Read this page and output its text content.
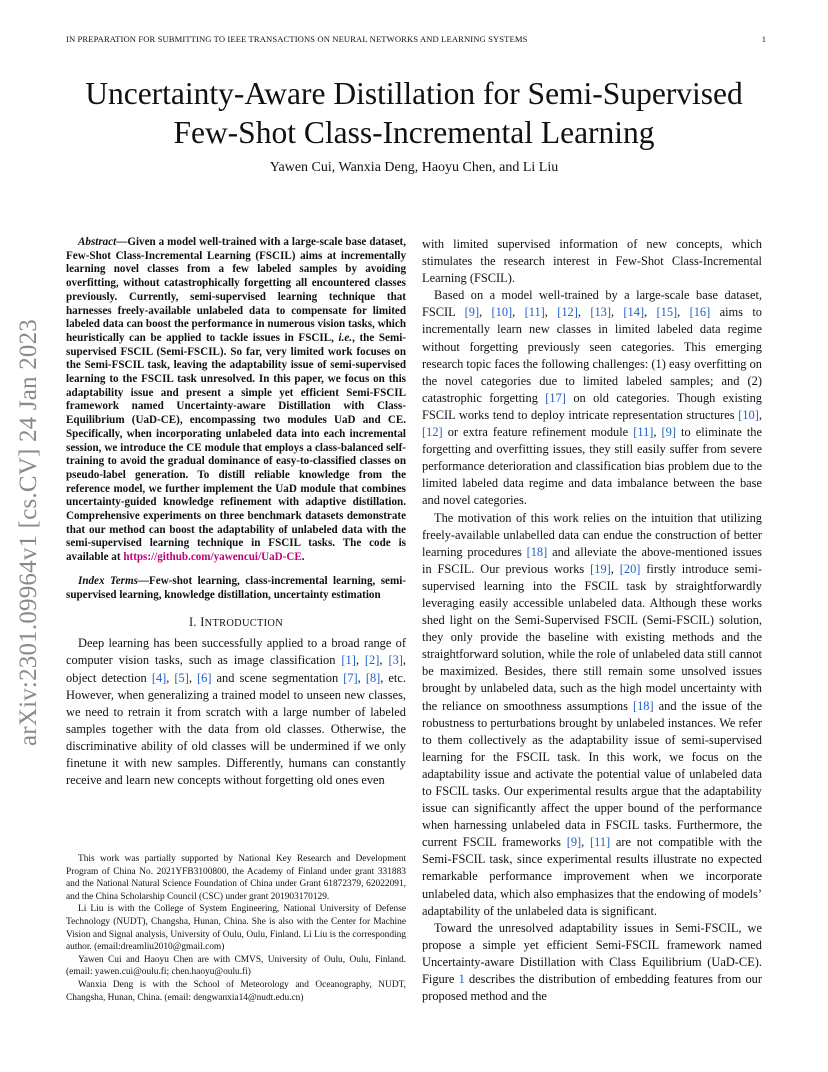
IN PREPARATION FOR SUBMITTING TO IEEE TRANSACTIONS ON NEURAL NETWORKS AND LEARNING SYSTEMS	1
Uncertainty-Aware Distillation for Semi-Supervised
Few-Shot Class-Incremental Learning
Yawen Cui, Wanxia Deng, Haoyu Chen, and Li Liu
arXiv:2301.09964v1 [cs.CV] 24 Jan 2023

Abstract—Given a model well-trained with a large-scale base dataset, Few-Shot Class-Incremental Learning (FSCIL) aims at incrementally learning novel classes from a few labeled samples by avoiding overfitting, without catastrophically forgetting all encountered classes previously. Currently, semi-supervised learning technique that harnesses freely-available unlabeled data to compensate for limited labeled data can boost the performance in numerous vision tasks, which heuristically can be applied to tackle issues in FSCIL, i.e., the Semi-supervised FSCIL (Semi-FSCIL). So far, very limited work focuses on the Semi-FSCIL task, leaving the adaptability issue of semi-supervised learning to the FSCIL task unresolved. In this paper, we focus on this adaptability issue and present a simple yet efficient Semi-FSCIL framework named Uncertainty-aware Distillation with Class-Equilibrium (UaD-CE), encompassing two modules UaD and CE. Specifically, when incorporating unlabeled data into each incremental session, we introduce the CE module that employs a class-balanced self-training to avoid the gradual dominance of easy-to-classified classes on pseudo-label generation. To distill reliable knowledge from the reference model, we further implement the UaD module that combines uncertainty-guided knowledge refinement with adaptive distillation. Comprehensive experiments on three benchmark datasets demonstrate that our method can boost the adaptability of unlabeled data with the semi-supervised learning technique in FSCIL tasks. The code is available at https://github.com/yawencui/UaD-CE.

Index Terms—Few-shot learning, class-incremental learning, semi-supervised learning, knowledge distillation, uncertainty estimation

I. INTRODUCTION

Deep learning has been successfully applied to a broad range of computer vision tasks, such as image classification [1], [2], [3], object detection [4], [5], [6] and scene segmentation [7], [8], etc. However, when generalizing a trained model to unseen new classes, we need to retrain it from scratch with a large number of labeled samples together with the data from old classes. Otherwise, the discriminative ability of old classes will be undermined if we only finetune it with new samples. Differently, humans can constantly receive and learn new concepts without forgetting old ones even

This work was partially supported by National Key Research and Development Program of China No. 2021YFB3100800, the Academy of Finland under grant 331883 and the National Natural Science Foundation of China under Grant 61872379, 62022091, and the China Scholarship Council (CSC) under grant 201903170129.

Li Liu is with the College of System Engineering, National University of Defense Technology (NUDT), Changsha, Hunan, China. She is also with the Center for Machine Vision and Signal analysis, University of Oulu, Oulu, Finland. Li Liu is the corresponding author. (email:dreamliu2010@gmail.com)

Yawen Cui and Haoyu Chen are with CMVS, University of Oulu, Oulu, Finland. (email: yawen.cui@oulu.fi; chen.haoyu@oulu.fi)

Wanxia Deng is with the School of Meteorology and Oceanography, NUDT, Changsha, Hunan, China. (email: dengwanxia14@nudt.edu.cn)

with limited supervised information of new concepts, which stimulates the research interest in Few-Shot Class-Incremental Learning (FSCIL).

Based on a model well-trained by a large-scale base dataset, FSCIL [9], [10], [11], [12], [13], [14], [15], [16] aims to incrementally learn new classes in limited labeled data regime without forgetting previously seen categories. This emerging research topic faces the following challenges: (1) easy overfitting on the novel categories due to limited labeled samples; and (2) catastrophic forgetting [17] on old categories. Though existing FSCIL works tend to deploy intricate representation structures [10], [12] or extra feature refinement module [11], [9] to eliminate the forgetting and overfitting issues, they still easily suffer from severe performance deterioration and classification bias problem due to the limited labeled data regime and data imbalance between the base and novel categories.

The motivation of this work relies on the intuition that utilizing freely-available unlabelled data can endue the construction of better learning procedures [18] and alleviate the above-mentioned issues in FSCIL. Our previous works [19], [20] firstly introduce semi-supervised learning into the FSCIL task by straightforwardly leveraging easily accessible unlabeled data. Although these works shed light on the Semi-Supervised FSCIL (Semi-FSCIL) solution, they only provide the baseline with existing methods and the straightforward solution, while the role of unlabeled data still cannot be maximized. Besides, there still remain some unsolved issues brought by unlabeled data, such as the high model uncertainty with the reliance on smoothness assumptions [18] and the issue of the robustness to perturbations brought by unlabeled instances. We refer to them collectively as the adaptability issue of semi-supervised learning for the FSCIL task. In this work, we focus on the adaptability issue and activate the potential value of unlabeled data to FSCIL tasks. Our experimental results argue that the adaptability issue can significantly affect the upper bound of the performance when harnessing unlabeled data in FSCIL tasks. Furthermore, the current FSCIL frameworks [9], [11] are not compatible with the Semi-FSCIL task, since experimental results illustrate no expected remarkable performance improvement when we incorporate unlabeled data, which also emphasizes that the endowing of models’ adaptability of the unlabeled data is significant.

Toward the unresolved adaptability issues in Semi-FSCIL, we propose a simple yet efficient Semi-FSCIL framework named Uncertainty-aware Distillation with Class Equilibrium (UaD-CE). Figure 1 describes the distribution of embedding features from our proposed method and the
